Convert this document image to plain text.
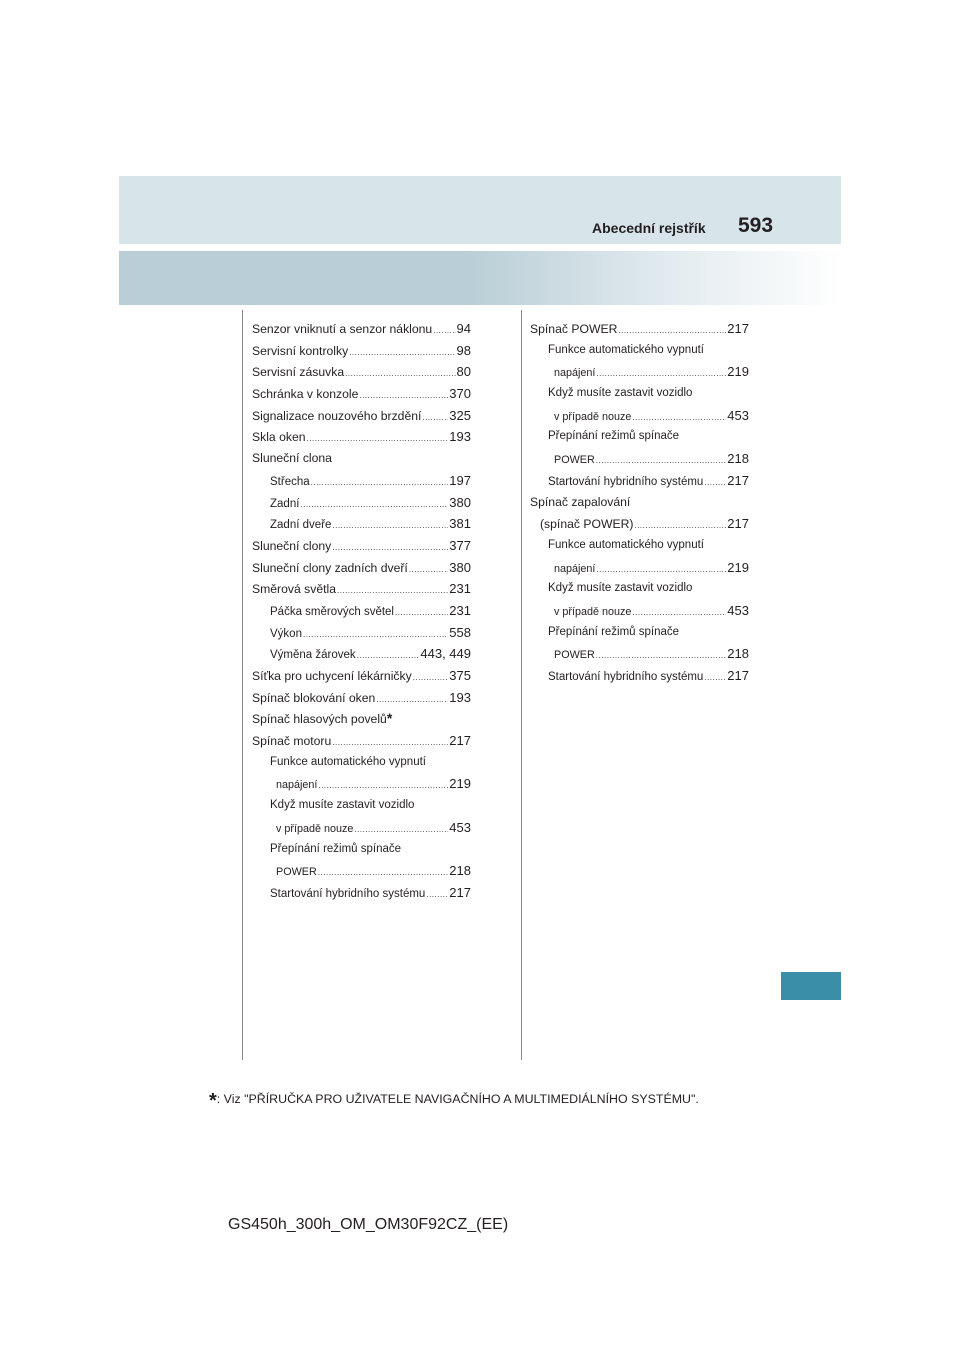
Abecední rejstřík 593
Senzor vniknutí a senzor náklonu ..... 94
Servisní kontrolky .....	98
Servisní zásuvka .....	80
Schránka v konzole .....	370
Signalizace nouzového brzdění ..... 325
Skla oken .....	193
Sluneční clona
Střecha .....	197
Zadní .....	380
Zadní dveře .....	381
Sluneční clony .....	377
Sluneční clony zadních dveří .....	380
Směrová světla .....	231
Páčka směrových světel .....	231
Výkon .....	558
Výměna žárovek .....	443, 449
Síťka pro uchycení lékárničky .....	375
Spínač blokování oken .....	193
Spínač hlasových povelů *
Spínač motoru .....	217
Funkce automatického vypnutí
napájení .....	219
Když musíte zastavit vozidlo
v případě nouze .....	453
Přepínání režimů spínače
POWER .....	218
Startování hybridního systému ..... 217
Spínač POWER .....	217
Funkce automatického vypnutí
napájení .....	219
Když musíte zastavit vozidlo
v případě nouze .....	453
Přepínání režimů spínače
POWER .....	218
Startování hybridního systému ..... 217
Spínač zapalování
(spínač POWER) .....	217
Funkce automatického vypnutí
napájení .....	219
Když musíte zastavit vozidlo
v případě nouze .....	453
Přepínání režimů spínače
POWER .....	218
Startování hybridního systému ..... 217
*: Viz "PŘÍRUČKA PRO UŽIVATELE NAVIGAČNÍHO A MULTIMEDIÁLNÍHO SYSTÉMU".
GS450h_300h_OM_OM30F92CZ_(EE)
